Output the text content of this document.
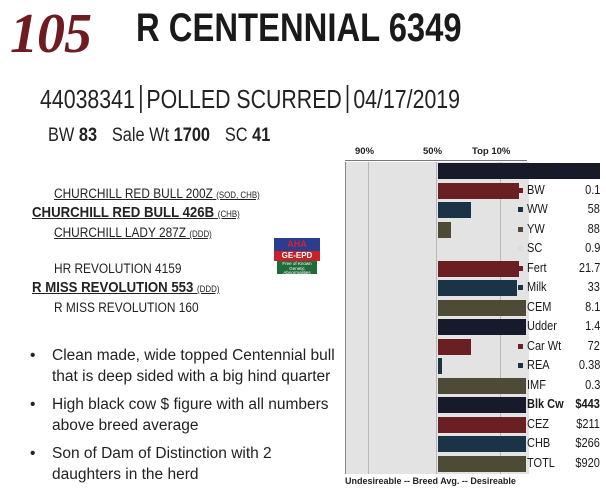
105 R CENTENNIAL 6349
44038341 POLLED SCURRED 04/17/2019
BW 83 Sale Wt 1700 SC 41
CHURCHILL RED BULL 200Z (SOD, CHB)
CHURCHILL RED BULL 426B (CHB)
CHURCHILL LADY 287Z (DDD)
HR REVOLUTION 4159
R MISS REVOLUTION 553 (DDD)
R MISS REVOLUTION 160
AHA
GE-EPD
Free of Known Genetic Abnormalities
• Clean made, wide topped Centennial bull that is deep sided with a big hind quarter
• High black cow $ figure with all numbers above breed average
• Son of Dam of Distinction with 2 daughters in the herd
90%	50%	Top 10%
CED 10.8
BW	0.1
WW	58
YW	88
SC	0.9
Fert	21.7
Milk	33
CEM	8.1
Udder 1.4
Car Wt 72
REA 0.38
IMF	0.3
Blk Cw $443
CEZ $211
CHB $266
TOTL $920
Undesireable -- Breed Avg. -- Desireable
